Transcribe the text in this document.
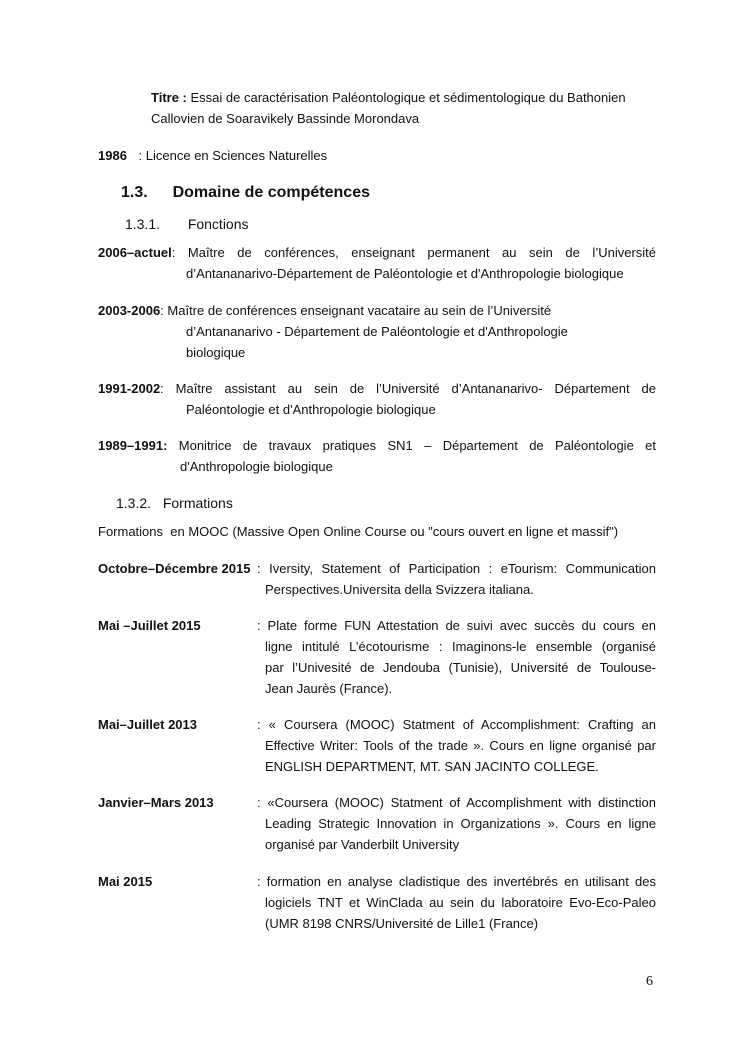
Titre : Essai de caractérisation Paléontologique et sédimentologique du Bathonien
Callovien de Soaravikely Bassinde Morondava
1986 : Licence en Sciences Naturelles
1.3. Domaine de compétences
1.3.1. Fonctions
2006–actuel: Maître de conférences, enseignant permanent au sein de l’Université
d’Antananarivo-Département de Paléontologie et d'Anthropologie biologique
2003-2006: Maître de conférences enseignant vacataire au sein de l’Université
d’Antananarivo - Département de Paléontologie et d'Anthropologie
biologique
1991-2002: Maître assistant au sein de l’Université d’Antananarivo- Département de
Paléontologie et d'Anthropologie biologique
1989–1991: Monitrice de travaux pratiques SN1 – Département de Paléontologie et
d'Anthropologie biologique
1.3.2. Formations
Formations  en MOOC (Massive Open Online Course ou "cours ouvert en ligne et massif")
Octobre–Décembre 2015 : Iversity, Statement of Participation : eTourism: Communication
Perspectives.Universita della Svizzera italiana.
Mai –Juillet 2015	: Plate forme FUN Attestation de suivi avec succès du cours en
ligne intitulé L’écotourisme : Imaginons-le ensemble (organisé
par l’Univesité de Jendouba (Tunisie), Université de Toulouse-
Jean Jaurès (France).
Mai–Juillet 2013	: « Coursera (MOOC) Statment of Accomplishment: Crafting an
Effective Writer: Tools of the trade ». Cours en ligne organisé par
ENGLISH DEPARTMENT, MT. SAN JACINTO COLLEGE.
Janvier–Mars 2013	: «Coursera (MOOC) Statment of Accomplishment with distinction
Leading Strategic Innovation in Organizations ». Cours en ligne
organisé par Vanderbilt University
Mai 2015	: formation en analyse cladistique des invertébrés en utilisant des
logiciels TNT et WinClada au sein du laboratoire Evo-Eco-Paleo
(UMR 8198 CNRS/Université de Lille1 (France)
6
